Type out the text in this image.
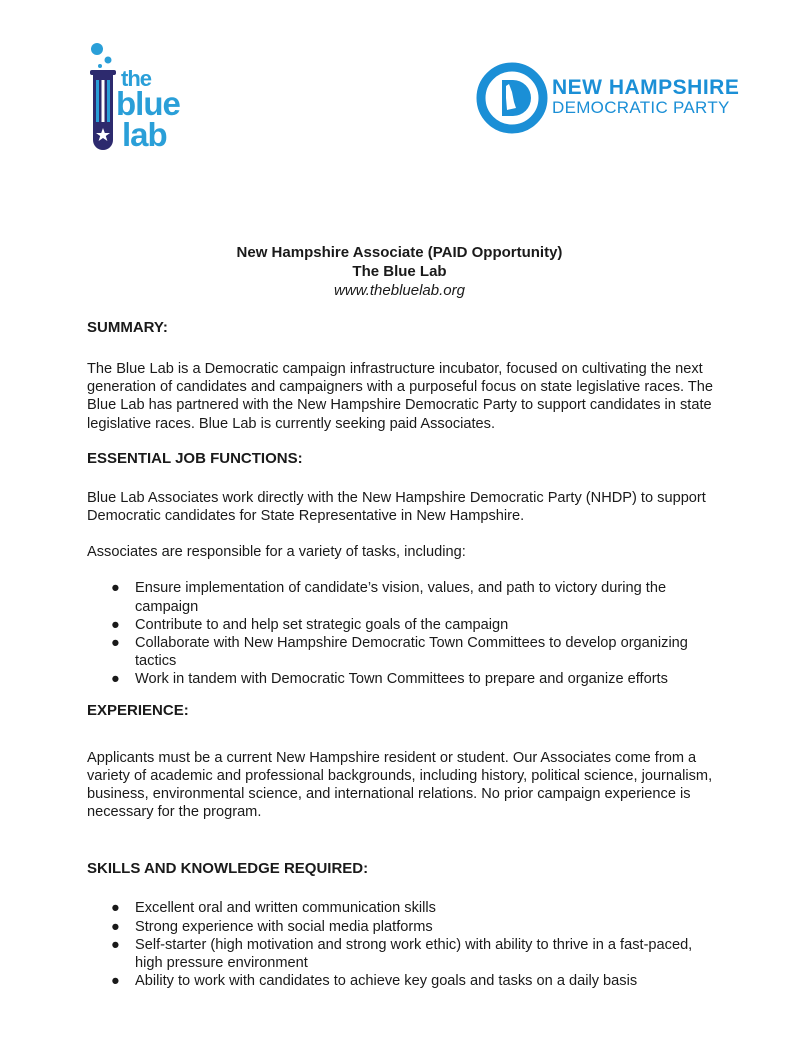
the
blue
lab
NEW HAMPSHIRE
DEMOCRATIC PARTY
New Hampshire Associate (PAID Opportunity)
The Blue Lab
www.thebluelab.org
SUMMARY:

The Blue Lab is a Democratic campaign infrastructure incubator, focused on cultivating the next generation of candidates and campaigners with a purposeful focus on state legislative races. The Blue Lab has partnered with the New Hampshire Democratic Party to support candidates in state legislative races. Blue Lab is currently seeking paid Associates.

ESSENTIAL JOB FUNCTIONS:

Blue Lab Associates work directly with the New Hampshire Democratic Party (NHDP) to support Democratic candidates for State Representative in New Hampshire.

Associates are responsible for a variety of tasks, including:

● Ensure implementation of candidate’s vision, values, and path to victory during the campaign
● Contribute to and help set strategic goals of the campaign
● Collaborate with New Hampshire Democratic Town Committees to develop organizing tactics
● Work in tandem with Democratic Town Committees to prepare and organize efforts
EXPERIENCE:

Applicants must be a current New Hampshire resident or student. Our Associates come from a variety of academic and professional backgrounds, including history, political science, journalism, business, environmental science, and international relations. No prior campaign experience is necessary for the program.

SKILLS AND KNOWLEDGE REQUIRED:
● Excellent oral and written communication skills
● Strong experience with social media platforms
● Self-starter (high motivation and strong work ethic) with ability to thrive in a fast-paced, high pressure environment
● Ability to work with candidates to achieve key goals and tasks on a daily basis
